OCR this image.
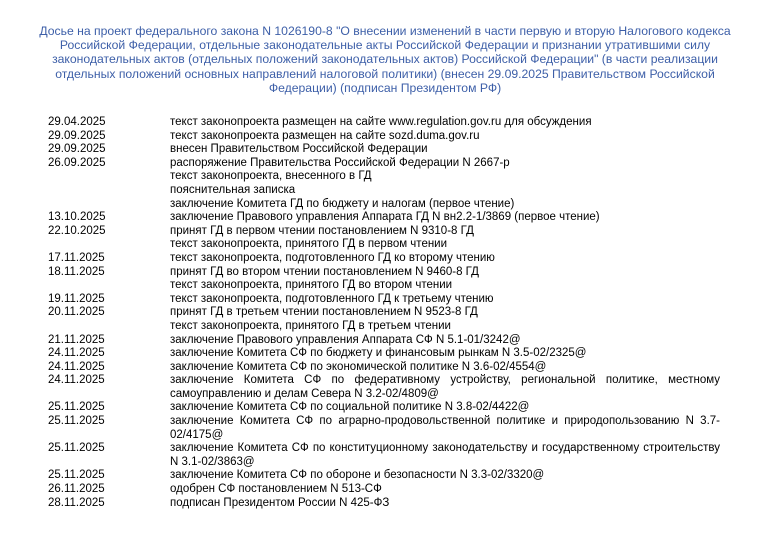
Досье на проект федерального закона N 1026190-8 "О внесении изменений в части первую и вторую Налогового кодекса Российской Федерации, отдельные законодательные акты Российской Федерации и признании утратившими силу законодательных актов (отдельных положений законодательных актов) Российской Федерации" (в части реализации отдельных положений основных направлений налоговой политики) (внесен 29.09.2025 Правительством Российской Федерации) (подписан Президентом РФ)
29.04.2025	текст законопроекта размещен на сайте www.regulation.gov.ru для обсуждения
29.09.2025	текст законопроекта размещен на сайте sozd.duma.gov.ru
29.09.2025	внесен Правительством Российской Федерации
26.09.2025	распоряжение Правительства Российской Федерации N 2667-р
текст законопроекта, внесенного в ГД
пояснительная записка
заключение Комитета ГД по бюджету и налогам (первое чтение)
13.10.2025	заключение Правового управления Аппарата ГД N вн2.2-1/3869 (первое чтение)
22.10.2025	принят ГД в первом чтении постановлением N 9310-8 ГД
текст законопроекта, принятого ГД в первом чтении
17.11.2025	текст законопроекта, подготовленного ГД ко второму чтению
18.11.2025	принят ГД во втором чтении постановлением N 9460-8 ГД
текст законопроекта, принятого ГД во втором чтении
19.11.2025	текст законопроекта, подготовленного ГД к третьему чтению
20.11.2025	принят ГД в третьем чтении постановлением N 9523-8 ГД
текст законопроекта, принятого ГД в третьем чтении
21.11.2025	заключение Правового управления Аппарата СФ N 5.1-01/3242@
24.11.2025	заключение Комитета СФ по бюджету и финансовым рынкам N 3.5-02/2325@
24.11.2025	заключение Комитета СФ по экономической политике N 3.6-02/4554@
24.11.2025	заключение Комитета СФ по федеративному устройству, региональной политике, местному самоуправлению и делам Севера N 3.2-02/4809@
25.11.2025	заключение Комитета СФ по социальной политике N 3.8-02/4422@
25.11.2025	заключение Комитета СФ по аграрно-продовольственной политике и природопользованию N 3.7-02/4175@
25.11.2025	заключение Комитета СФ по конституционному законодательству и государственному строительству N 3.1-02/3863@
25.11.2025	заключение Комитета СФ по обороне и безопасности N 3.3-02/3320@
26.11.2025	одобрен СФ постановлением N 513-СФ
28.11.2025	подписан Президентом России N 425-ФЗ
